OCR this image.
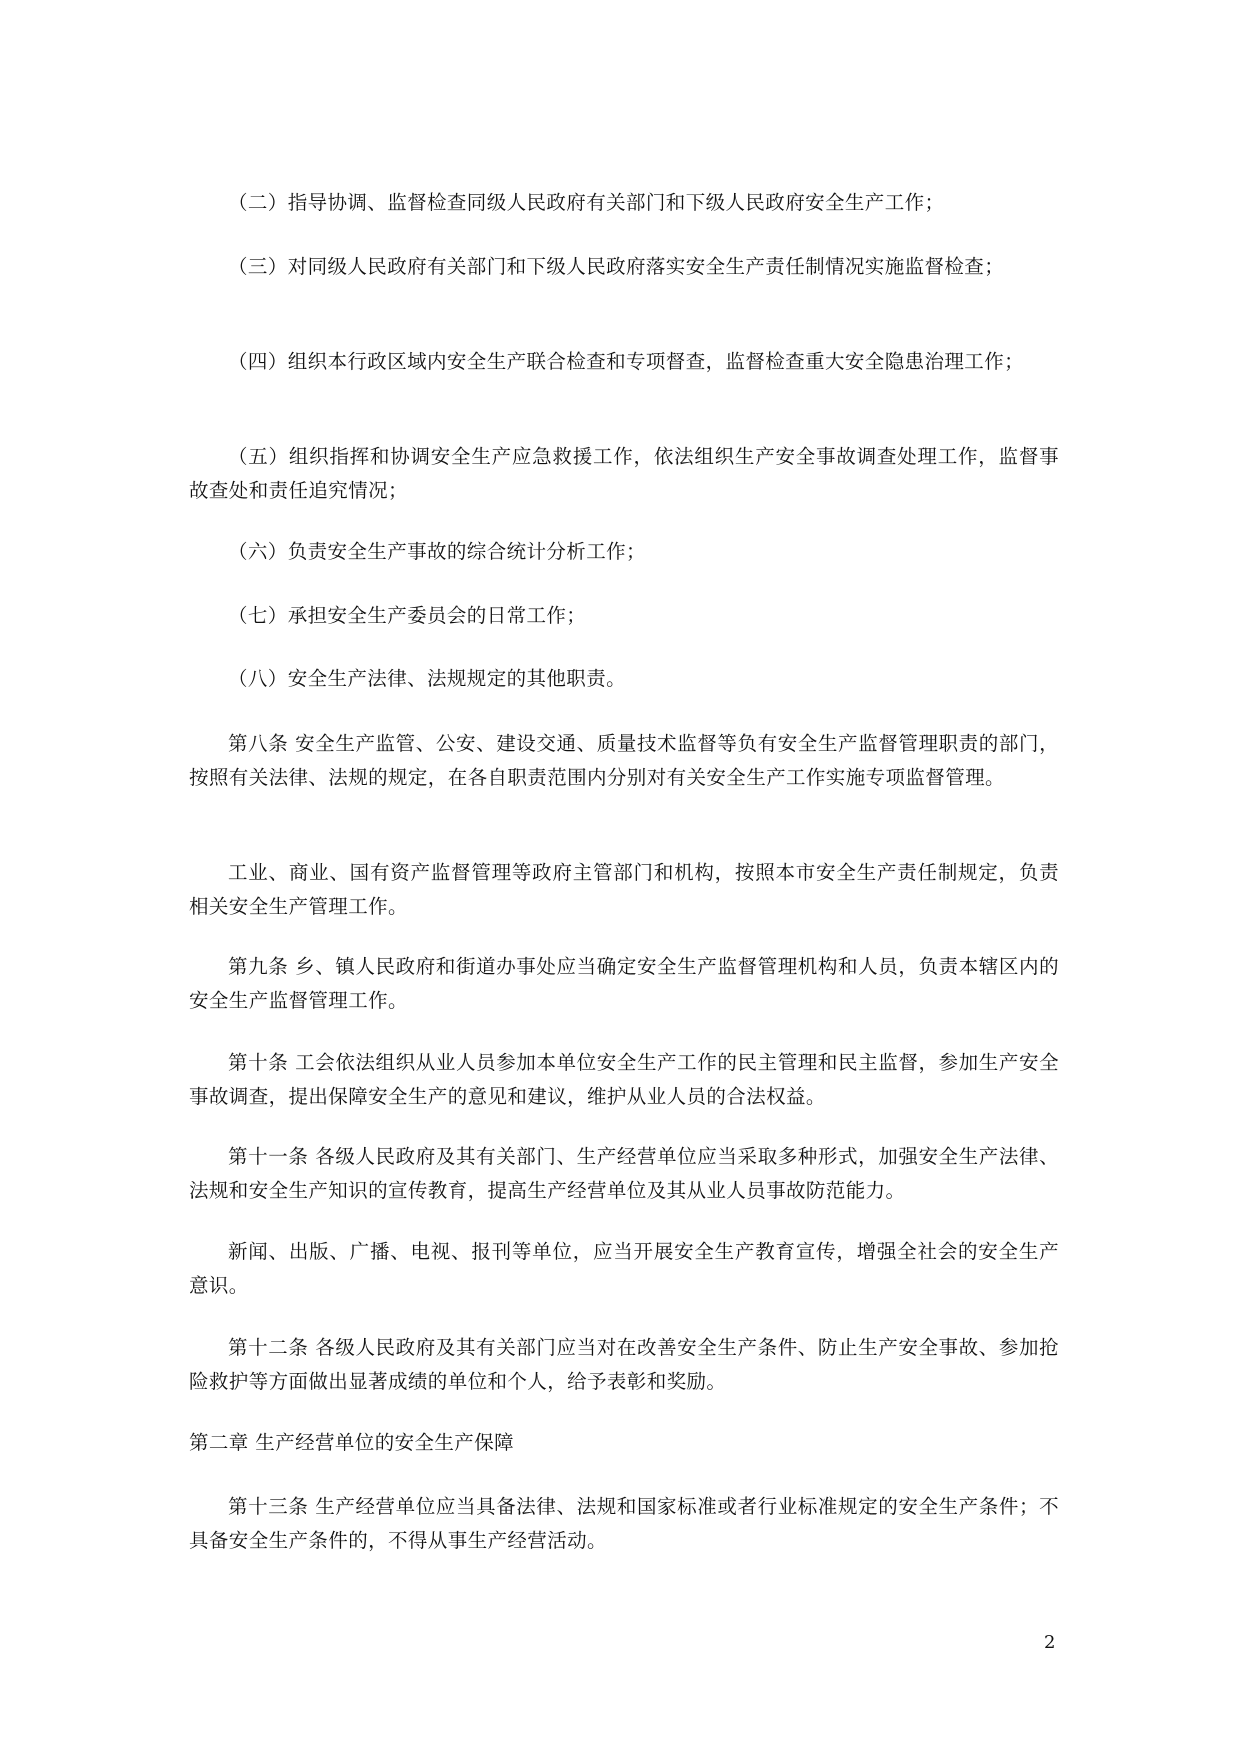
（二）指导协调、监督检查同级人民政府有关部门和下级人民政府安全生产工作；

（三）对同级人民政府有关部门和下级人民政府落实安全生产责任制情况实施监督检查；

（四）组织本行政区域内安全生产联合检查和专项督查，监督检查重大安全隐患治理工作；

（五）组织指挥和协调安全生产应急救援工作，依法组织生产安全事故调查处理工作，监督事故查处和责任追究情况；

（六）负责安全生产事故的综合统计分析工作；

（七）承担安全生产委员会的日常工作；

（八）安全生产法律、法规规定的其他职责。

第八条 安全生产监管、公安、建设交通、质量技术监督等负有安全生产监督管理职责的部门，按照有关法律、法规的规定，在各自职责范围内分别对有关安全生产工作实施专项监督管理。

工业、商业、国有资产监督管理等政府主管部门和机构，按照本市安全生产责任制规定，负责相关安全生产管理工作。

第九条 乡、镇人民政府和街道办事处应当确定安全生产监督管理机构和人员，负责本辖区内的安全生产监督管理工作。

第十条 工会依法组织从业人员参加本单位安全生产工作的民主管理和民主监督，参加生产安全事故调查，提出保障安全生产的意见和建议，维护从业人员的合法权益。

第十一条 各级人民政府及其有关部门、生产经营单位应当采取多种形式，加强安全生产法律、法规和安全生产知识的宣传教育，提高生产经营单位及其从业人员事故防范能力。

新闻、出版、广播、电视、报刊等单位，应当开展安全生产教育宣传，增强全社会的安全生产意识。

第十二条 各级人民政府及其有关部门应当对在改善安全生产条件、防止生产安全事故、参加抢险救护等方面做出显著成绩的单位和个人，给予表彰和奖励。

第二章 生产经营单位的安全生产保障

第十三条 生产经营单位应当具备法律、法规和国家标准或者行业标准规定的安全生产条件；不具备安全生产条件的，不得从事生产经营活动。

2
